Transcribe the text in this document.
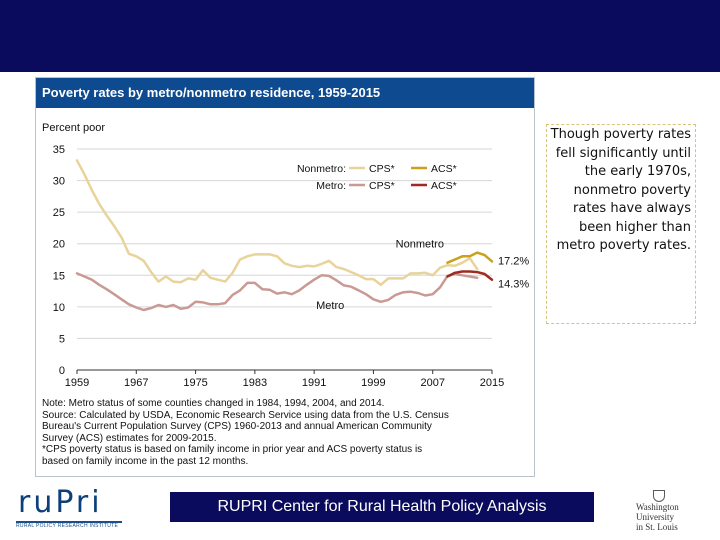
Poverty rates by metro/nonmetro residence, 1959-2015
Percent poor
0
5
10
15
20
25
30
35
1959	1967	1975	1983	1991	1999	2007	2015
Nonmetro: CPS*	ACS*
Metro: CPS*	ACS*
Nonmetro
Metro
17.2%
14.3%
Note: Metro status of some counties changed in 1984, 1994, 2004, and 2014.
Source: Calculated by USDA, Economic Research Service using data from the U.S. Census
Bureau's Current Population Survey (CPS) 1960-2013 and annual American Community
Survey (ACS) estimates for 2009-2015.
*CPS poverty status is based on family income in prior year and ACS poverty status is
based on family income in the past 12 months.
Though poverty rates fell significantly until the early 1970s, nonmetro poverty rates have always been higher than metro poverty rates.
ruPri
RURAL POLICY RESEARCH INSTITUTE
RUPRI Center for Rural Health Policy Analysis	Washington
University
in St. Louis
